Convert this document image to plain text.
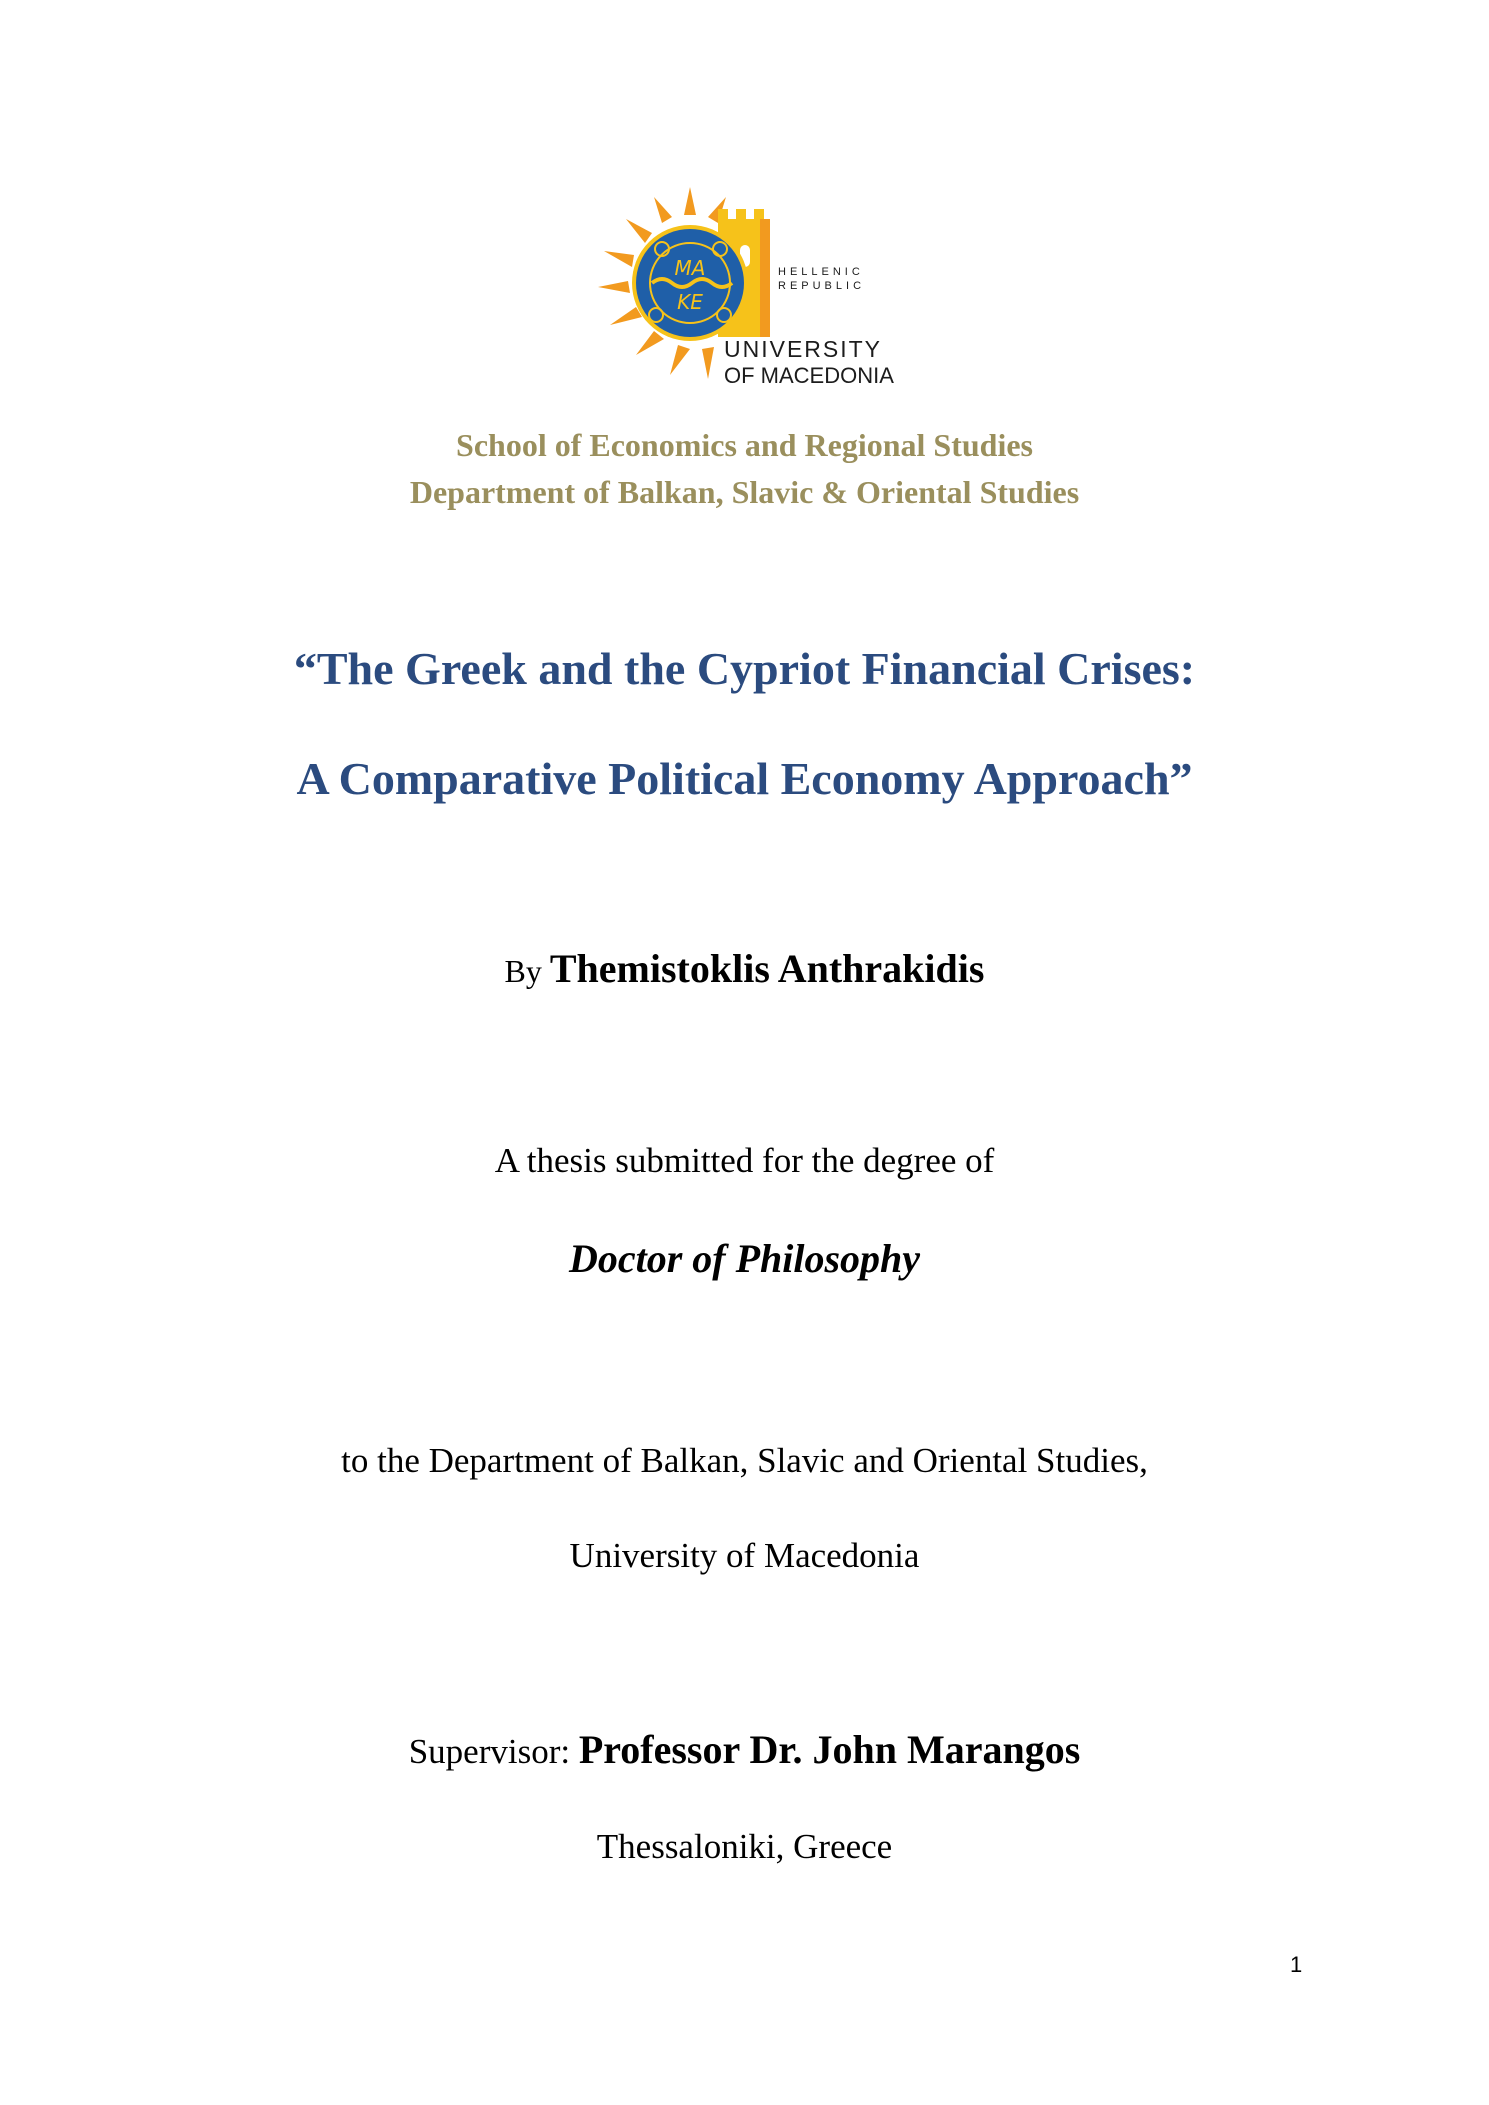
MA
KE
HELLENIC
REPUBLIC
UNIVERSITY
OF MACEDONIA
School of Economics and Regional Studies
Department of Balkan, Slavic & Oriental Studies
“The Greek and the Cypriot Financial Crises:
A Comparative Political Economy Approach”
By Themistoklis Anthrakidis
A thesis submitted for the degree of
Doctor of Philosophy
to the Department of Balkan, Slavic and Oriental Studies,
University of Macedonia
Supervisor: Professor Dr. John Marangos
Thessaloniki, Greece
1
